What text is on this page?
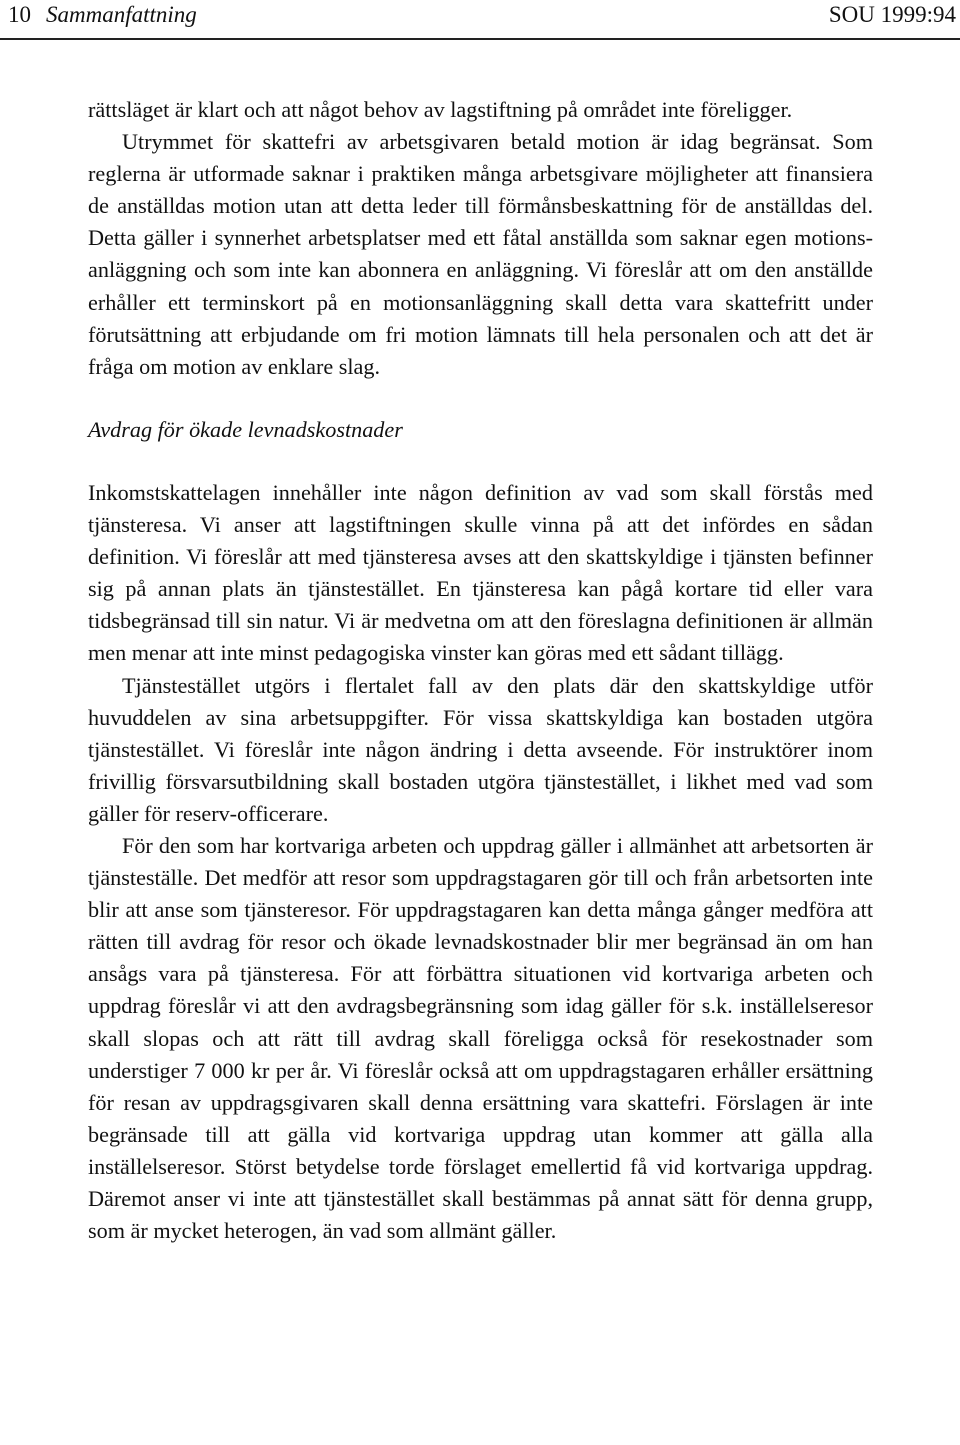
10 Sammanfattning	SOU 1999:94

rättsläget är klart och att något behov av lagstiftning på området inte föreligger.

Utrymmet för skattefri av arbetsgivaren betald motion är idag begränsat. Som reglerna är utformade saknar i praktiken många arbetsgivare möjligheter att finansiera de anställdas motion utan att detta leder till förmånsbeskattning för de anställdas del. Detta gäller i synnerhet arbetsplatser med ett fåtal anställda som saknar egen motionsanläggning och som inte kan abonnera en anläggning. Vi föreslår att om den anställde erhåller ett terminskort på en motionsanläggning skall detta vara skattefritt under förutsättning att erbjudande om fri motion lämnats till hela personalen och att det är fråga om motion av enklare slag.

Avdrag för ökade levnadskostnader

Inkomstskattelagen innehåller inte någon definition av vad som skall förstås med tjänsteresa. Vi anser att lagstiftningen skulle vinna på att det infördes en sådan definition. Vi föreslår att med tjänsteresa avses att den skattskyldige i tjänsten befinner sig på annan plats än tjänstestället. En tjänsteresa kan pågå kortare tid eller vara tidsbegränsad till sin natur. Vi är medvetna om att den föreslagna definitionen är allmän men menar att inte minst pedagogiska vinster kan göras med ett sådant tillägg.

Tjänstestället utgörs i flertalet fall av den plats där den skattskyldige utför huvuddelen av sina arbetsuppgifter. För vissa skattskyldiga kan bostaden utgöra tjänstestället. Vi föreslår inte någon ändring i detta avseende. För instruktörer inom frivillig försvarsutbildning skall bostaden utgöra tjänstestället, i likhet med vad som gäller för reserv-officerare.

För den som har kortvariga arbeten och uppdrag gäller i allmänhet att arbetsorten är tjänsteställe. Det medför att resor som uppdragstagaren gör till och från arbetsorten inte blir att anse som tjänsteresor. För uppdragstagaren kan detta många gånger medföra att rätten till avdrag för resor och ökade levnadskostnader blir mer begränsad än om han ansågs vara på tjänsteresa. För att förbättra situationen vid kortvariga arbeten och uppdrag föreslår vi att den avdragsbegränsning som idag gäller för s.k. inställelseresor skall slopas och att rätt till avdrag skall föreligga också för resekostnader som understiger 7 000 kr per år. Vi föreslår också att om uppdragstagaren erhåller ersättning för resan av uppdragsgivaren skall denna ersättning vara skattefri. Förslagen är inte begränsade till att gälla vid kortvariga uppdrag utan kommer att gälla alla inställelseresor. Störst betydelse torde förslaget emellertid få vid kortvariga uppdrag. Däremot anser vi inte att tjänstestället skall bestämmas på annat sätt för denna grupp, som är mycket heterogen, än vad som allmänt gäller.
